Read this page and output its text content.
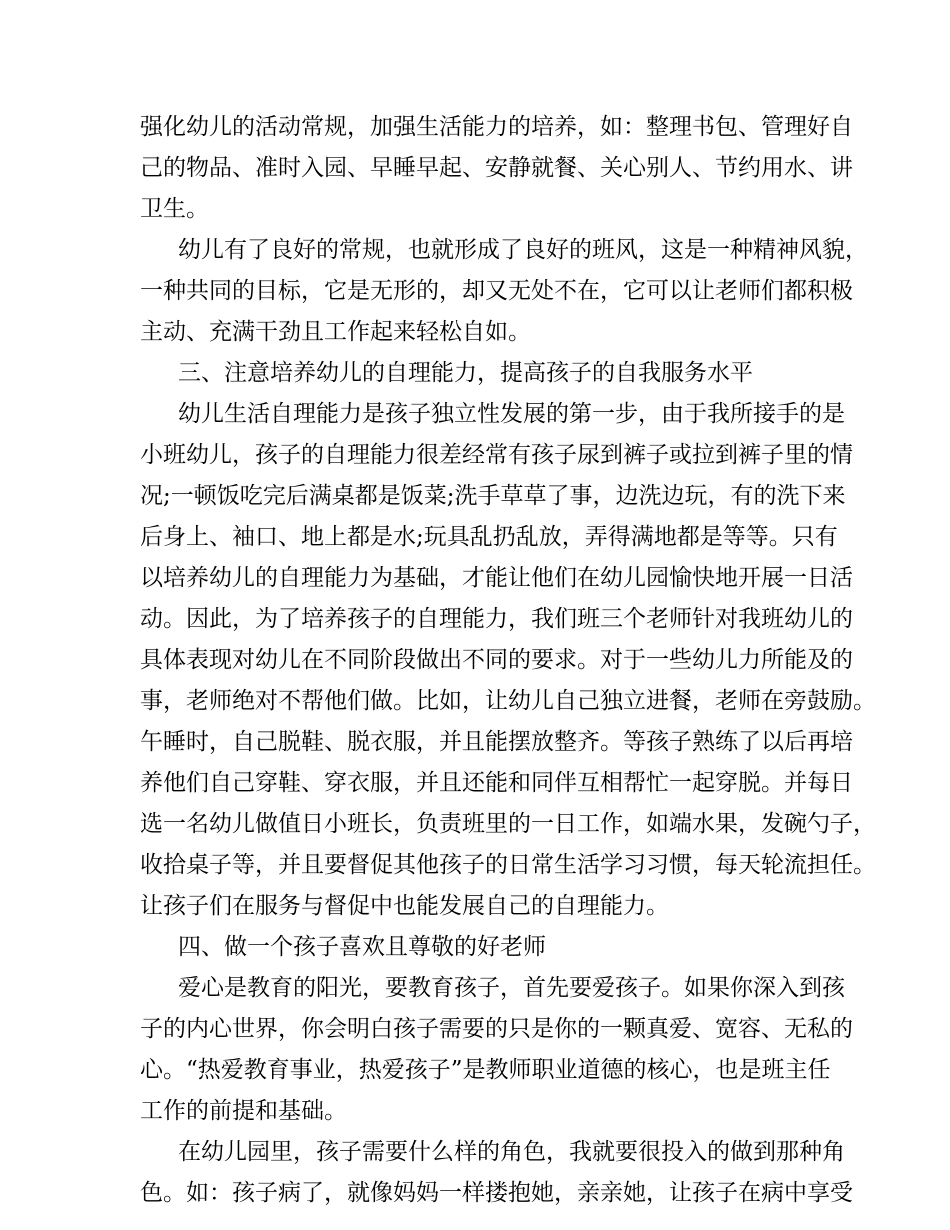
强化幼儿的活动常规，加强生活能力的培养，如：整理书包、管理好自
己的物品、准时入园、早睡早起、安静就餐、关心别人、节约用水、讲
卫生。
幼儿有了良好的常规，也就形成了良好的班风，这是一种精神风貌，
一种共同的目标，它是无形的，却又无处不在，它可以让老师们都积极
主动、充满干劲且工作起来轻松自如。
三、注意培养幼儿的自理能力，提高孩子的自我服务水平
幼儿生活自理能力是孩子独立性发展的第一步，由于我所接手的是
小班幼儿，孩子的自理能力很差经常有孩子尿到裤子或拉到裤子里的情
况;一顿饭吃完后满桌都是饭菜;洗手草草了事，边洗边玩，有的洗下来
后身上、袖口、地上都是水;玩具乱扔乱放，弄得满地都是等等。只有
以培养幼儿的自理能力为基础，才能让他们在幼儿园愉快地开展一日活
动。因此，为了培养孩子的自理能力，我们班三个老师针对我班幼儿的
具体表现对幼儿在不同阶段做出不同的要求。对于一些幼儿力所能及的
事，老师绝对不帮他们做。比如，让幼儿自己独立进餐，老师在旁鼓励。
午睡时，自己脱鞋、脱衣服，并且能摆放整齐。等孩子熟练了以后再培
养他们自己穿鞋、穿衣服，并且还能和同伴互相帮忙一起穿脱。并每日
选一名幼儿做值日小班长，负责班里的一日工作，如端水果，发碗勺子，
收拾桌子等，并且要督促其他孩子的日常生活学习习惯，每天轮流担任。
让孩子们在服务与督促中也能发展自己的自理能力。
四、做一个孩子喜欢且尊敬的好老师
爱心是教育的阳光，要教育孩子，首先要爱孩子。如果你深入到孩
子的内心世界，你会明白孩子需要的只是你的一颗真爱、宽容、无私的
心。“热爱教育事业，热爱孩子”是教师职业道德的核心，也是班主任
工作的前提和基础。
在幼儿园里，孩子需要什么样的角色，我就要很投入的做到那种角
色。如：孩子病了，就像妈妈一样搂抱她，亲亲她，让孩子在病中享受
